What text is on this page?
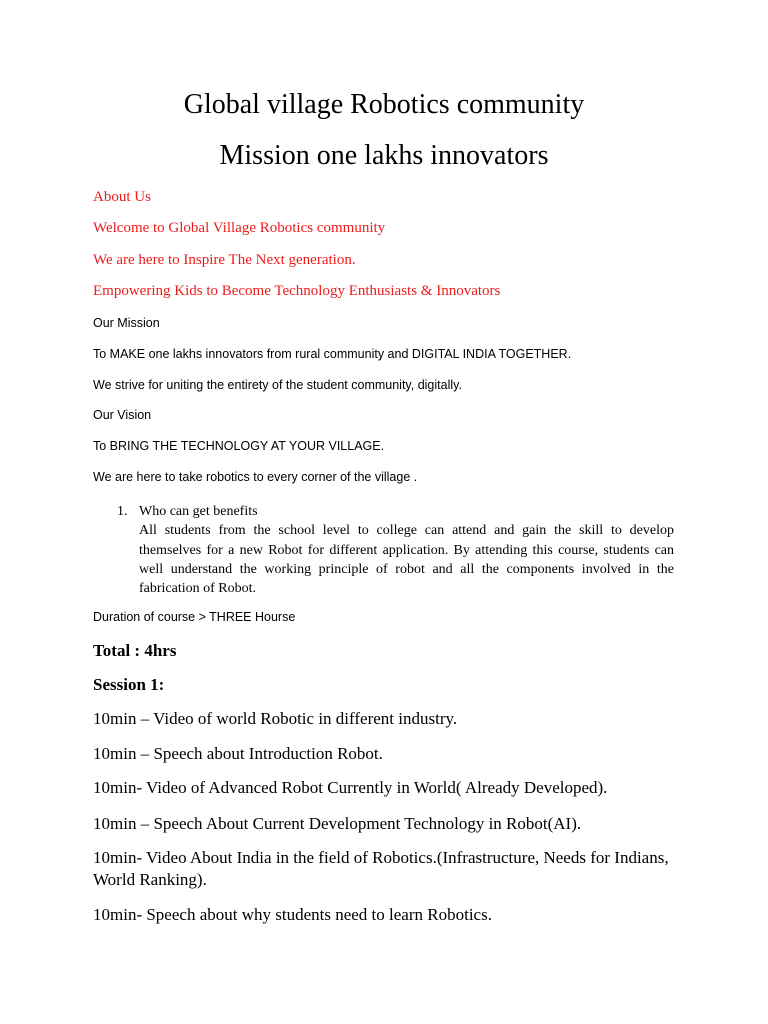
Global village Robotics community
Mission one lakhs innovators
About Us
Welcome to Global Village Robotics community
We are here to Inspire The Next generation.
Empowering Kids to Become Technology Enthusiasts & Innovators
Our Mission
To MAKE one lakhs innovators from rural community and DIGITAL INDIA TOGETHER.
We strive for uniting the entirety of the student community, digitally.
Our Vision
To BRING THE TECHNOLOGY AT YOUR VILLAGE.
We are here to take robotics to every corner of the village .
1. Who can get benefits
All students from the school level to college can attend and gain the skill to develop themselves for a new Robot for different application. By attending this course, students can well understand the working principle of robot and all the components involved in the fabrication of Robot.
Duration of course > THREE Hourse
Total : 4hrs
Session 1:
10min – Video of world Robotic in different industry.
10min – Speech about Introduction Robot.
10min- Video of Advanced Robot Currently in World( Already Developed).
10min – Speech About Current Development Technology in Robot(AI).
10min- Video About India in the field of Robotics.(Infrastructure, Needs for Indians, World Ranking).
10min- Speech about why students need to learn Robotics.
